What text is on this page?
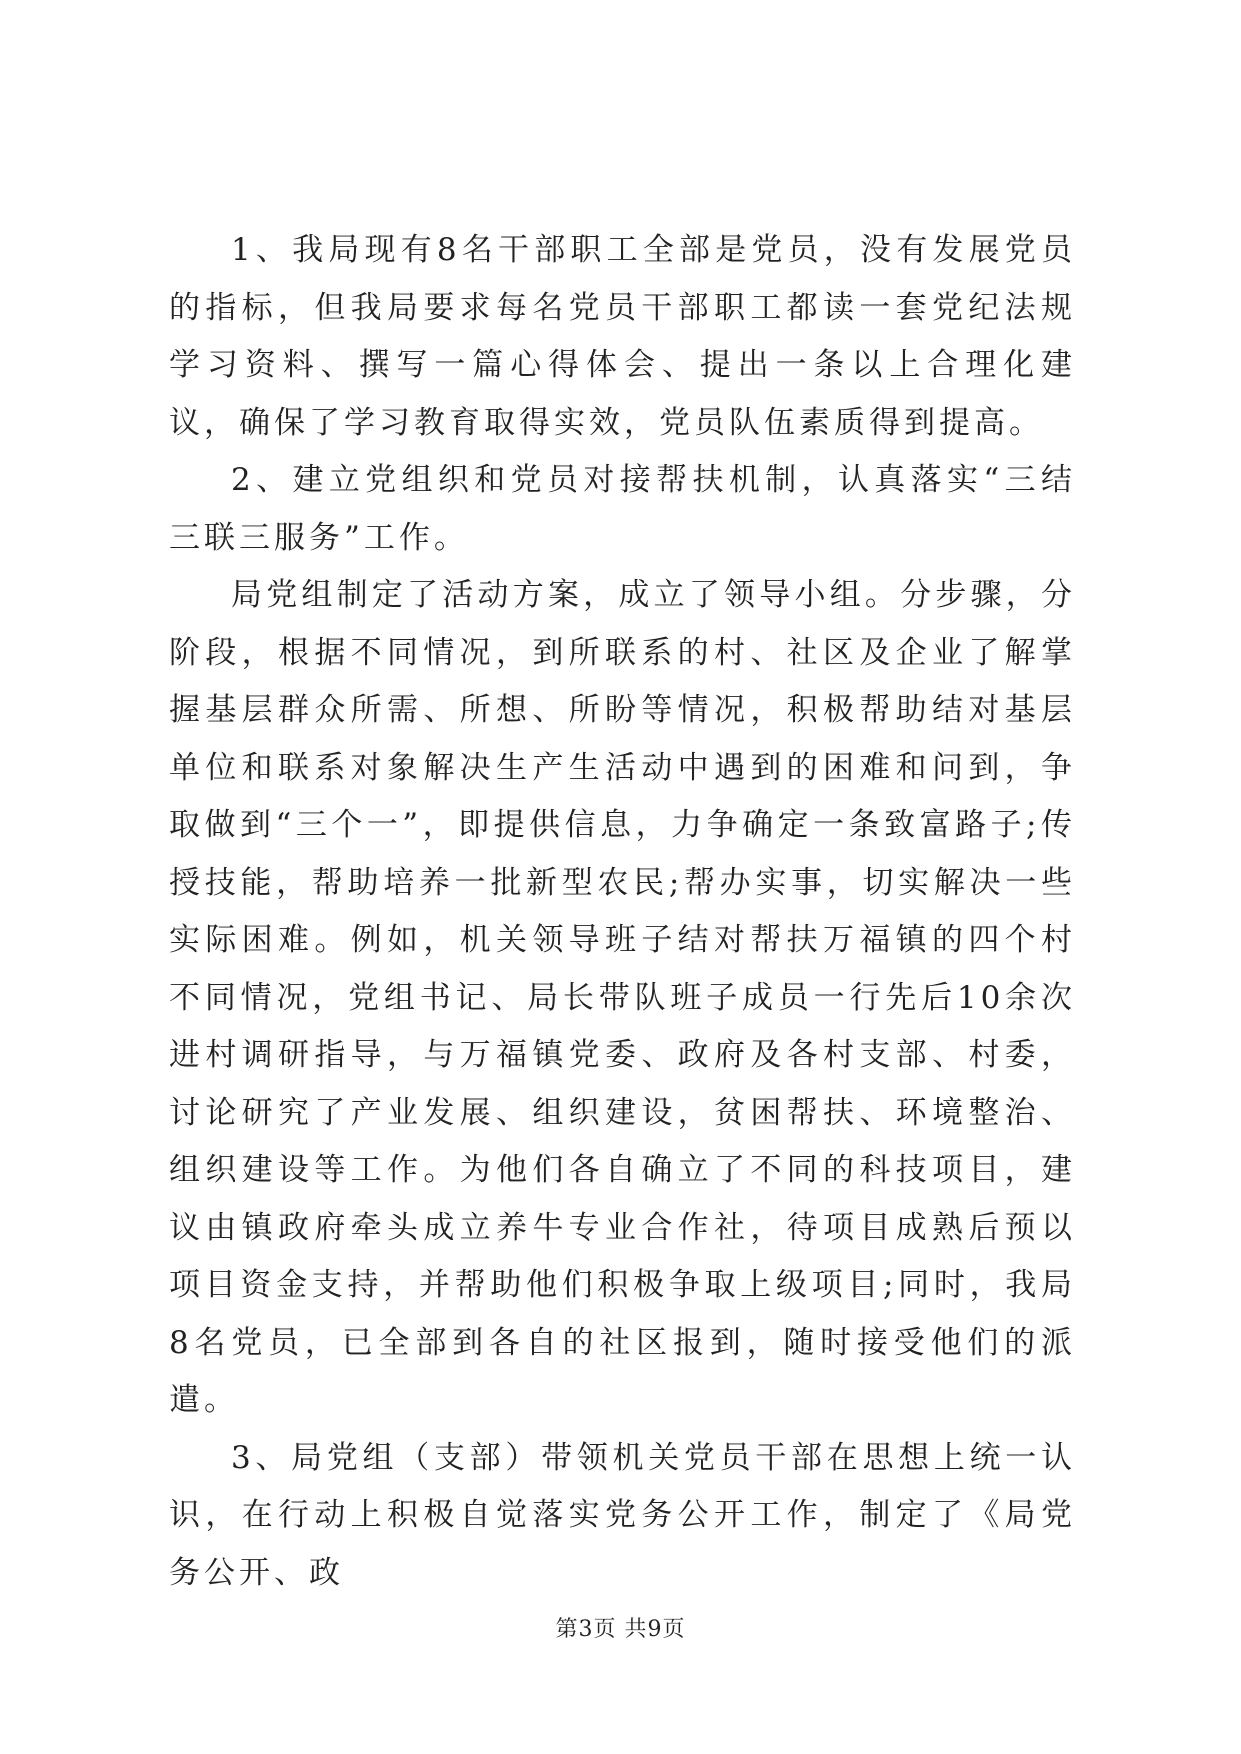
1、我局现有8名干部职工全部是党员，没有发展党员的指标，但我局要求每名党员干部职工都读一套党纪法规学习资料、撰写一篇心得体会、提出一条以上合理化建议，确保了学习教育取得实效，党员队伍素质得到提高。

2、建立党组织和党员对接帮扶机制，认真落实“三结三联三服务”工作。

局党组制定了活动方案，成立了领导小组。分步骤，分阶段，根据不同情况，到所联系的村、社区及企业了解掌握基层群众所需、所想、所盼等情况，积极帮助结对基层单位和联系对象解决生产生活动中遇到的困难和问到，争取做到“三个一”，即提供信息，力争确定一条致富路子;传授技能，帮助培养一批新型农民;帮办实事，切实解决一些实际困难。例如，机关领导班子结对帮扶万福镇的四个村不同情况，党组书记、局长带队班子成员一行先后10余次进村调研指导，与万福镇党委、政府及各村支部、村委，讨论研究了产业发展、组织建设，贫困帮扶、环境整治、组织建设等工作。为他们各自确立了不同的科技项目，建议由镇政府牵头成立养牛专业合作社，待项目成熟后预以项目资金支持，并帮助他们积极争取上级项目;同时，我局8名党员，已全部到各自的社区报到，随时接受他们的派遣。

3、局党组（支部）带领机关党员干部在思想上统一认识，在行动上积极自觉落实党务公开工作，制定了《局党务公开、政

第3页 共9页
